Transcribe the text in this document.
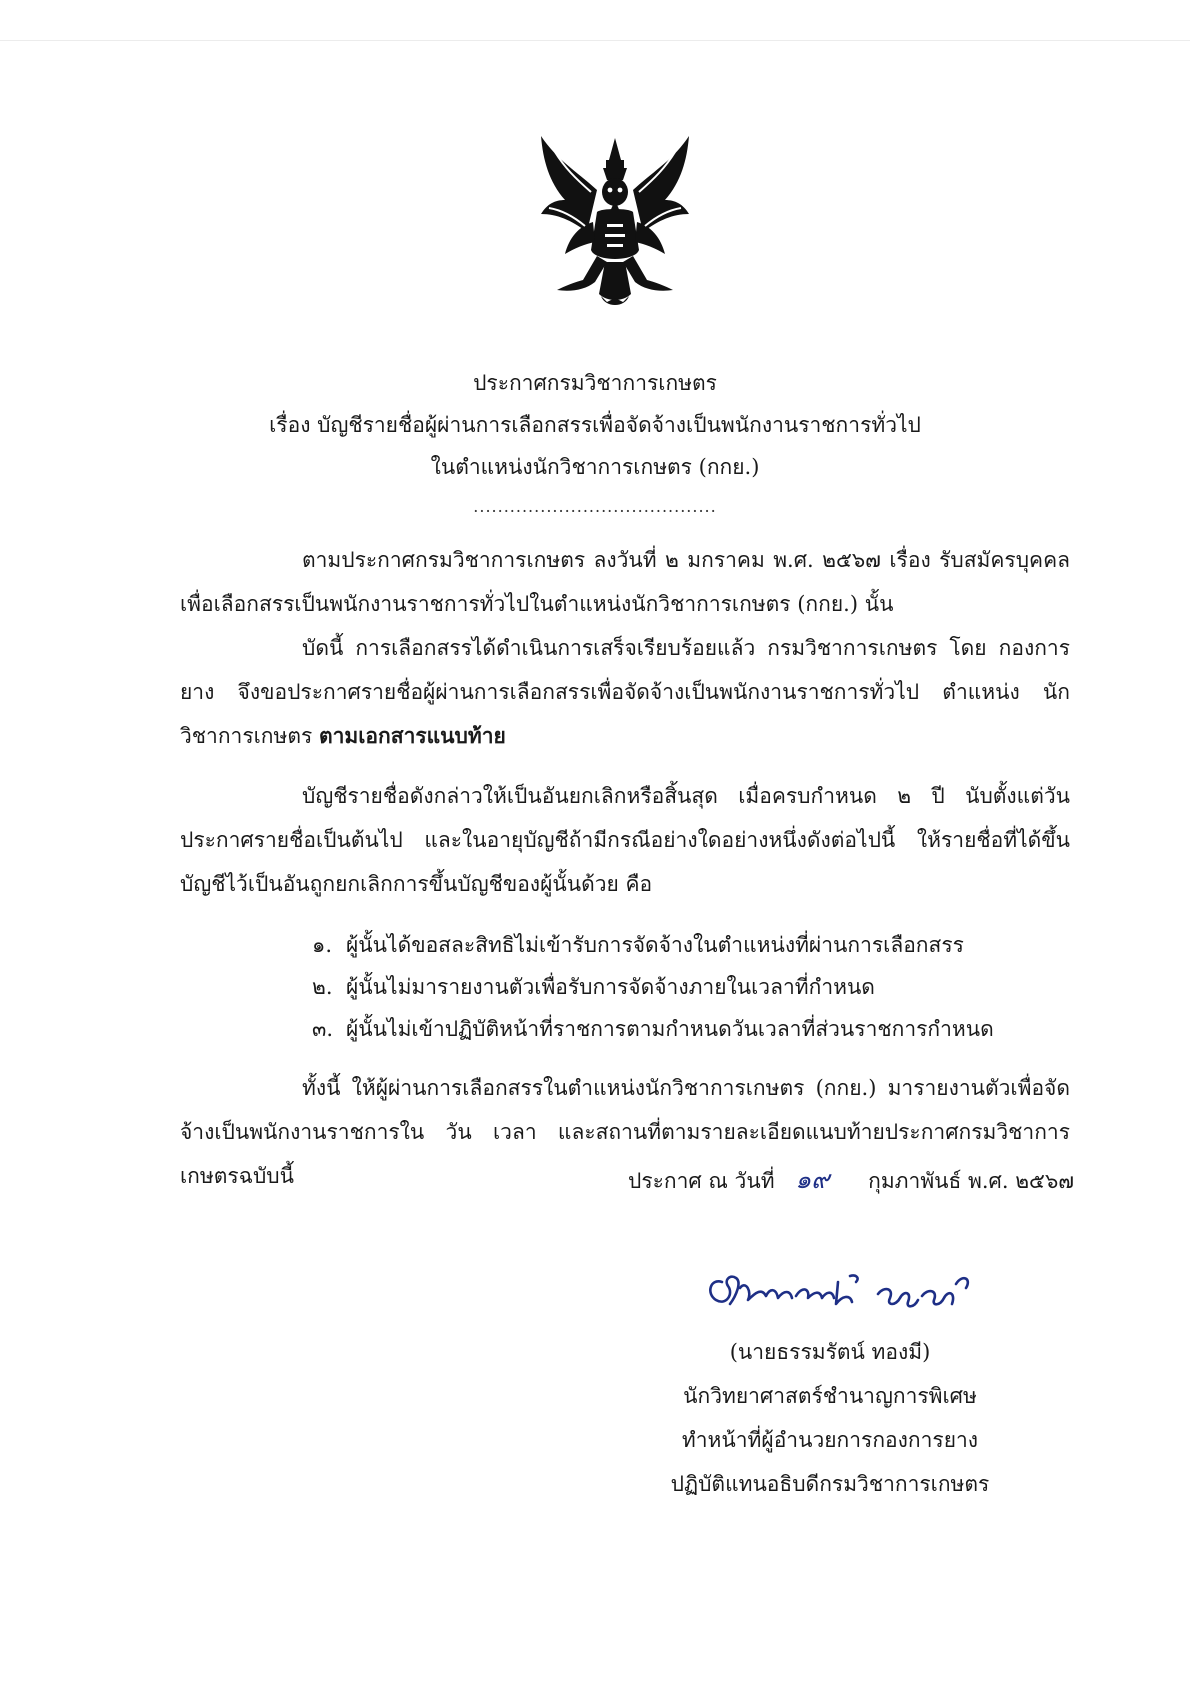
ประกาศกรมวิชาการเกษตร
เรื่อง บัญชีรายชื่อผู้ผ่านการเลือกสรรเพื่อจัดจ้างเป็นพนักงานราชการทั่วไป
ในตำแหน่งนักวิชาการเกษตร (กกย.)
........................................

ตามประกาศกรมวิชาการเกษตร ลงวันที่ ๒ มกราคม พ.ศ. ๒๕๖๗ เรื่อง รับสมัครบุคคลเพื่อเลือกสรรเป็นพนักงานราชการทั่วไปในตำแหน่งนักวิชาการเกษตร (กกย.) นั้น

บัดนี้ การเลือกสรรได้ดำเนินการเสร็จเรียบร้อยแล้ว กรมวิชาการเกษตร โดย กองการยาง จึงขอประกาศรายชื่อผู้ผ่านการเลือกสรรเพื่อจัดจ้างเป็นพนักงานราชการทั่วไป ตำแหน่ง นักวิชาการเกษตร ตามเอกสารแนบท้าย

บัญชีรายชื่อดังกล่าวให้เป็นอันยกเลิกหรือสิ้นสุด เมื่อครบกำหนด ๒ ปี นับตั้งแต่วันประกาศรายชื่อเป็นต้นไป และในอายุบัญชีถ้ามีกรณีอย่างใดอย่างหนึ่งดังต่อไปนี้ ให้รายชื่อที่ได้ขึ้นบัญชีไว้เป็นอันถูกยกเลิกการขึ้นบัญชีของผู้นั้นด้วย คือ

๑. ผู้นั้นได้ขอสละสิทธิไม่เข้ารับการจัดจ้างในตำแหน่งที่ผ่านการเลือกสรร
๒. ผู้นั้นไม่มารายงานตัวเพื่อรับการจัดจ้างภายในเวลาที่กำหนด
๓. ผู้นั้นไม่เข้าปฏิบัติหน้าที่ราชการตามกำหนดวันเวลาที่ส่วนราชการกำหนด

ทั้งนี้ ให้ผู้ผ่านการเลือกสรรในตำแหน่งนักวิชาการเกษตร (กกย.) มารายงานตัวเพื่อจัดจ้างเป็นพนักงานราชการใน วัน เวลา และสถานที่ตามรายละเอียดแนบท้ายประกาศกรมวิชาการเกษตรฉบับนี้	ประกาศ ณ วันที่ ๑๙ กุมภาพันธ์ พ.ศ. ๒๕๖๗
(นายธรรมรัตน์ ทองมี)
นักวิทยาศาสตร์ชำนาญการพิเศษ
ทำหน้าที่ผู้อำนวยการกองการยาง
ปฏิบัติแทนอธิบดีกรมวิชาการเกษตร
